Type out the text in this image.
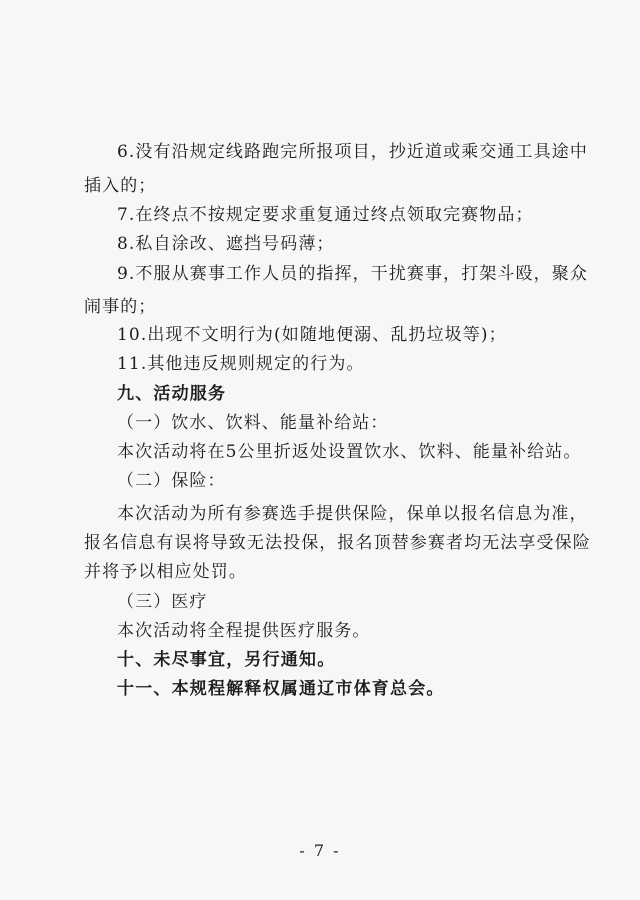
6.没有沿规定线路跑完所报项目，抄近道或乘交通工具途中
插入的；
7.在终点不按规定要求重复通过终点领取完赛物品；
8.私自涂改、遮挡号码薄；
9.不服从赛事工作人员的指挥，干扰赛事，打架斗殴，聚众
闹事的；
10.出现不文明行为(如随地便溺、乱扔垃圾等)；
11.其他违反规则规定的行为。
九、活动服务
（一）饮水、饮料、能量补给站：
本次活动将在5公里折返处设置饮水、饮料、能量补给站。
（二）保险：
本次活动为所有参赛选手提供保险，保单以报名信息为准，
报名信息有误将导致无法投保，报名顶替参赛者均无法享受保险
并将予以相应处罚。
（三）医疗
本次活动将全程提供医疗服务。
十、未尽事宜，另行通知。
十一、本规程解释权属通辽市体育总会。
- 7 -
